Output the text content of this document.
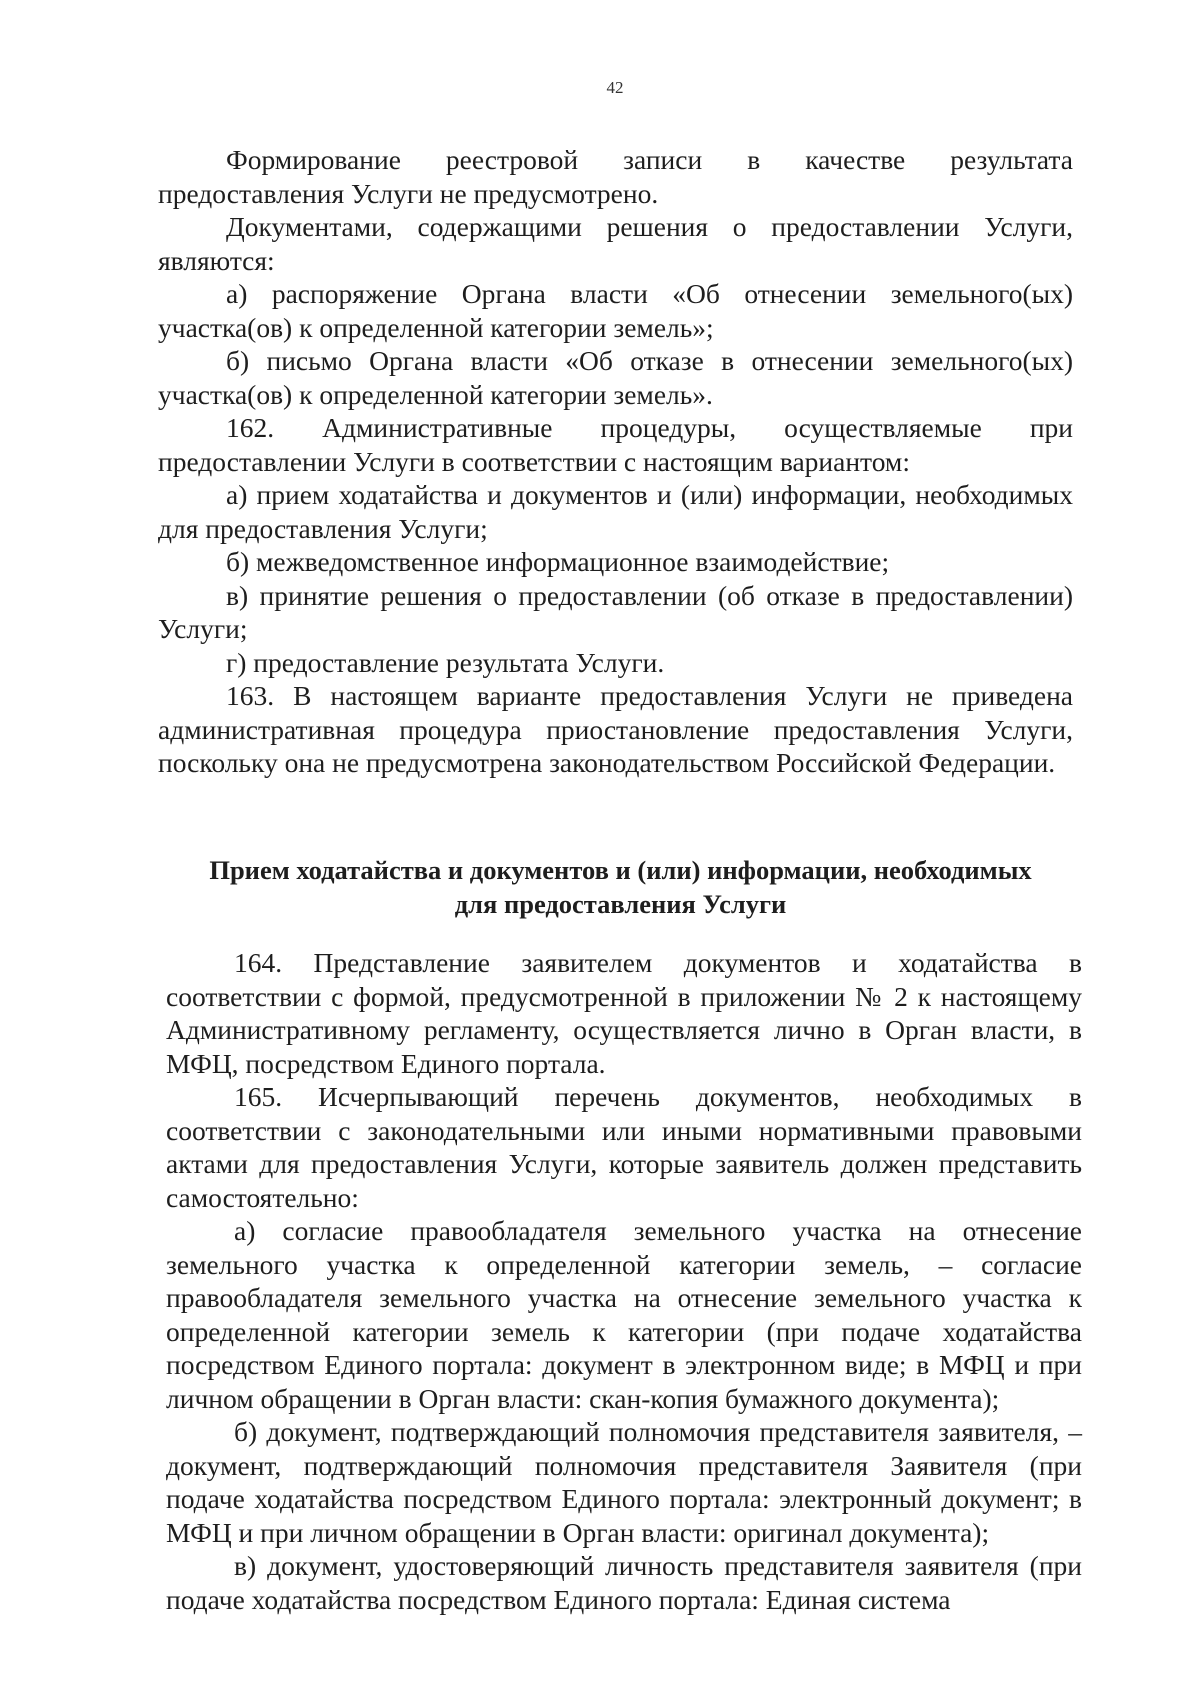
42

Формирование реестровой записи в качестве результата предоставления Услуги не предусмотрено.

Документами, содержащими решения о предоставлении Услуги, являются:

а) распоряжение Органа власти «Об отнесении земельного(ых) участка(ов) к определенной категории земель»;

б) письмо Органа власти «Об отказе в отнесении земельного(ых) участка(ов) к определенной категории земель».

162. Административные процедуры, осуществляемые при предоставлении Услуги в соответствии с настоящим вариантом:

а) прием ходатайства и документов и (или) информации, необходимых для предоставления Услуги;

б) межведомственное информационное взаимодействие;

в) принятие решения о предоставлении (об отказе в предоставлении) Услуги;

г) предоставление результата Услуги.

163. В настоящем варианте предоставления Услуги не приведена административная процедура приостановление предоставления Услуги, поскольку она не предусмотрена законодательством Российской Федерации.

Прием ходатайства и документов и (или) информации, необходимых
для предоставления Услуги

164. Представление заявителем документов и ходатайства в соответствии с формой, предусмотренной в приложении № 2 к настоящему Административному регламенту, осуществляется лично в Орган власти, в МФЦ, посредством Единого портала.

165. Исчерпывающий перечень документов, необходимых в соответствии с законодательными или иными нормативными правовыми актами для предоставления Услуги, которые заявитель должен представить самостоятельно:

а) согласие правообладателя земельного участка на отнесение земельного участка к определенной категории земель, – согласие правообладателя земельного участка на отнесение земельного участка к определенной категории земель к категории (при подаче ходатайства посредством Единого портала: документ в электронном виде; в МФЦ и при личном обращении в Орган власти: скан-копия бумажного документа);

б) документ, подтверждающий полномочия представителя заявителя, – документ, подтверждающий полномочия представителя Заявителя (при подаче ходатайства посредством Единого портала: электронный документ; в МФЦ и при личном обращении в Орган власти: оригинал документа);

в) документ, удостоверяющий личность представителя заявителя (при подаче ходатайства посредством Единого портала: Единая система
